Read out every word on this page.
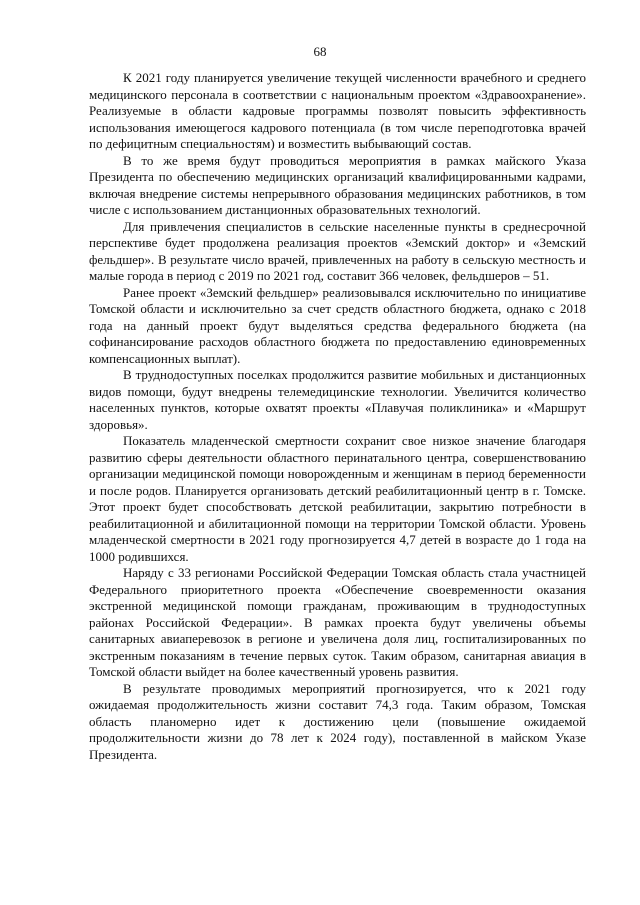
68

К 2021 году планируется увеличение текущей численности врачебного и среднего медицинского персонала в соответствии с национальным проектом «Здравоохранение». Реализуемые в области кадровые программы позволят повысить эффективность использования имеющегося кадрового потенциала (в том числе переподготовка врачей по дефицитным специальностям) и возместить выбывающий состав.

В то же время будут проводиться мероприятия в рамках майского Указа Президента по обеспечению медицинских организаций квалифицированными кадрами, включая внедрение системы непрерывного образования медицинских работников, в том числе с использованием дистанционных образовательных технологий.

Для привлечения специалистов в сельские населенные пункты в среднесрочной перспективе будет продолжена реализация проектов «Земский доктор» и «Земский фельдшер». В результате число врачей, привлеченных на работу в сельскую местность и малые города в период с 2019 по 2021 год, составит 366 человек, фельдшеров – 51.

Ранее проект «Земский фельдшер» реализовывался исключительно по инициативе Томской области и исключительно за счет средств областного бюджета, однако с 2018 года на данный проект будут выделяться средства федерального бюджета (на софинансирование расходов областного бюджета по предоставлению единовременных компенсационных выплат).

В труднодоступных поселках продолжится развитие мобильных и дистанционных видов помощи, будут внедрены телемедицинские технологии. Увеличится количество населенных пунктов, которые охватят проекты «Плавучая поликлиника» и «Маршрут здоровья».

Показатель младенческой смертности сохранит свое низкое значение благодаря развитию сферы деятельности областного перинатального центра, совершенствованию организации медицинской помощи новорожденным и женщинам в период беременности и после родов. Планируется организовать детский реабилитационный центр в г. Томске. Этот проект будет способствовать детской реабилитации, закрытию потребности в реабилитационной и абилитационной помощи на территории Томской области. Уровень младенческой смертности в 2021 году прогнозируется 4,7 детей в возрасте до 1 года на 1000 родившихся.

Наряду с 33 регионами Российской Федерации Томская область стала участницей Федерального приоритетного проекта «Обеспечение своевременности оказания экстренной медицинской помощи гражданам, проживающим в труднодоступных районах Российской Федерации». В рамках проекта будут увеличены объемы санитарных авиаперевозок в регионе и увеличена доля лиц, госпитализированных по экстренным показаниям в течение первых суток. Таким образом, санитарная авиация в Томской области выйдет на более качественный уровень развития.

В результате проводимых мероприятий прогнозируется, что к 2021 году ожидаемая продолжительность жизни составит 74,3 года. Таким образом, Томская область планомерно идет к достижению цели (повышение ожидаемой продолжительности жизни до 78 лет к 2024 году), поставленной в майском Указе Президента.
